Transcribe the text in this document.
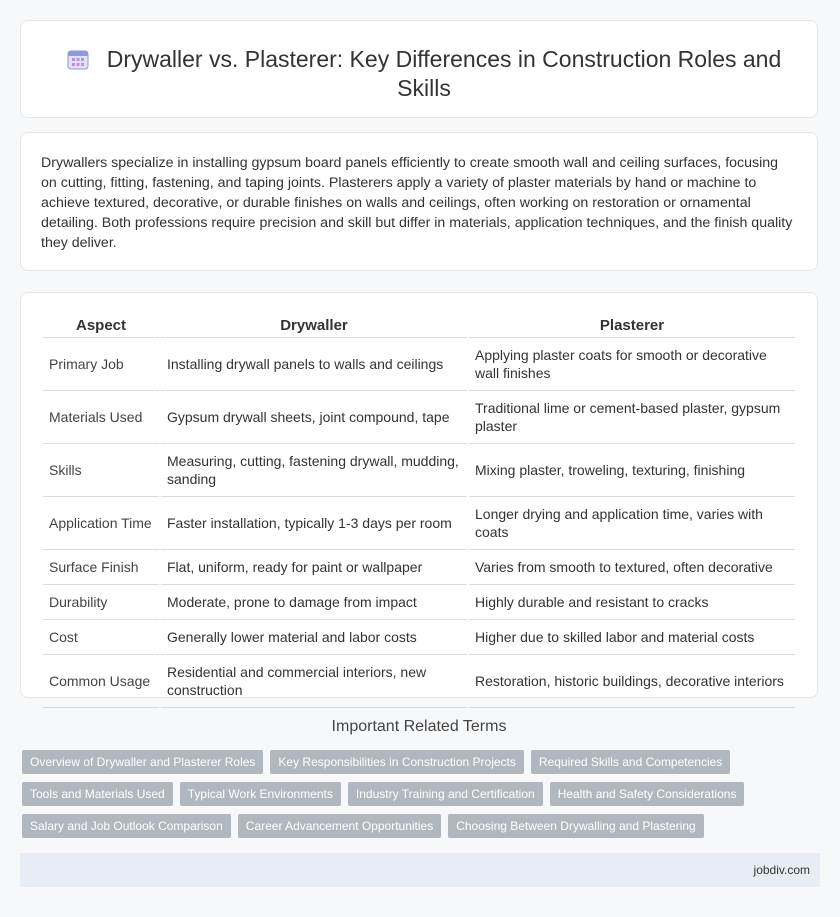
Drywaller vs. Plasterer: Key Differences in Construction Roles and Skills

Drywallers specialize in installing gypsum board panels efficiently to create smooth wall and ceiling surfaces, focusing on cutting, fitting, fastening, and taping joints. Plasterers apply a variety of plaster materials by hand or machine to achieve textured, decorative, or durable finishes on walls and ceilings, often working on restoration or ornamental detailing. Both professions require precision and skill but differ in materials, application techniques, and the finish quality they deliver.

Aspect	Drywaller	Plasterer
Primary Job	Installing drywall panels to walls and ceilings	Applying plaster coats for smooth or decorative wall finishes
Materials Used	Gypsum drywall sheets, joint compound, tape	Traditional lime or cement-based plaster, gypsum plaster
Skills	Measuring, cutting, fastening drywall, mudding, sanding	Mixing plaster, troweling, texturing, finishing
Application Time	Faster installation, typically 1-3 days per room	Longer drying and application time, varies with coats
Surface Finish	Flat, uniform, ready for paint or wallpaper	Varies from smooth to textured, often decorative
Durability	Moderate, prone to damage from impact	Highly durable and resistant to cracks
Cost	Generally lower material and labor costs	Higher due to skilled labor and material costs
Common Usage	Residential and commercial interiors, new construction	Restoration, historic buildings, decorative interiors
Important Related Terms
Overview of Drywaller and Plasterer Roles	Key Responsibilities in Construction Projects	Required Skills and Competencies
Tools and Materials Used	Typical Work Environments	Industry Training and Certification	Health and Safety Considerations
Salary and Job Outlook Comparison	Career Advancement Opportunities	Choosing Between Drywalling and Plastering
jobdiv.com
